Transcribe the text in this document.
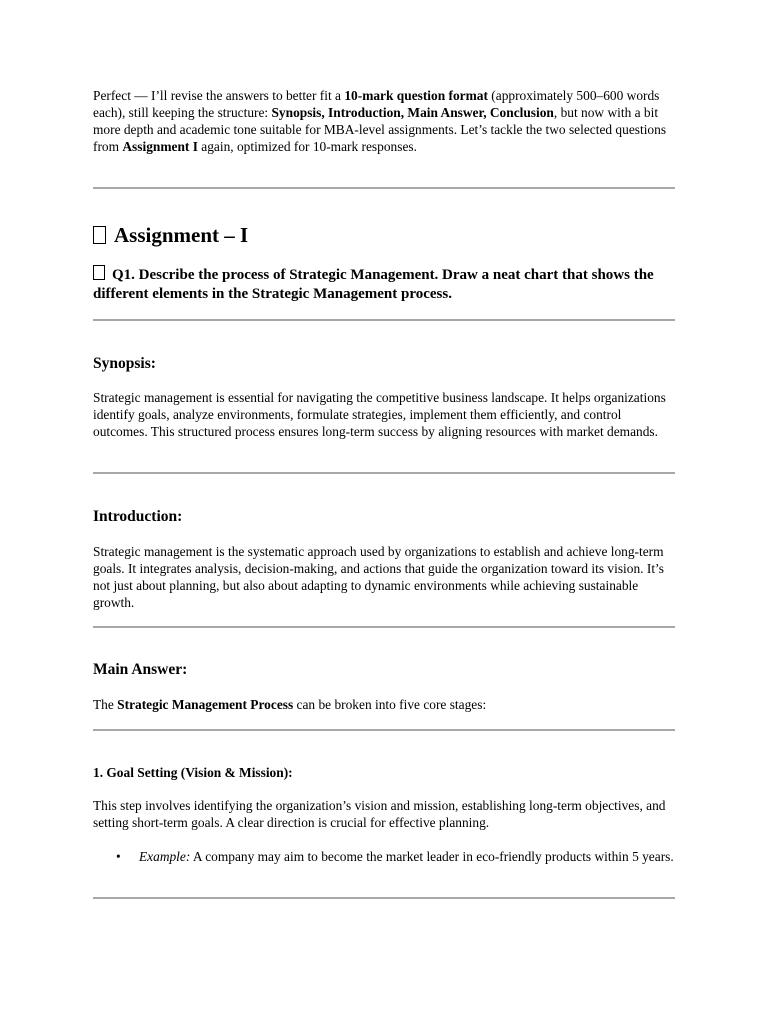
Perfect — I’ll revise the answers to better fit a 10-mark question format (approximately 500–600 words each), still keeping the structure: Synopsis, Introduction, Main Answer, Conclusion, but now with a bit more depth and academic tone suitable for MBA-level assignments. Let’s tackle the two selected questions from Assignment I again, optimized for 10-mark responses.

Assignment – I
Q1. Describe the process of Strategic Management. Draw a neat chart that shows the different elements in the Strategic Management process.
Synopsis:

Strategic management is essential for navigating the competitive business landscape. It helps organizations identify goals, analyze environments, formulate strategies, implement them efficiently, and control outcomes. This structured process ensures long-term success by aligning resources with market demands.

Introduction:

Strategic management is the systematic approach used by organizations to establish and achieve long-term goals. It integrates analysis, decision-making, and actions that guide the organization toward its vision. It’s not just about planning, but also about adapting to dynamic environments while achieving sustainable growth.

Main Answer:

The Strategic Management Process can be broken into five core stages:

1. Goal Setting (Vision & Mission):

This step involves identifying the organization’s vision and mission, establishing long-term objectives, and setting short-term goals. A clear direction is crucial for effective planning.

• Example: A company may aim to become the market leader in eco-friendly products within 5 years.
